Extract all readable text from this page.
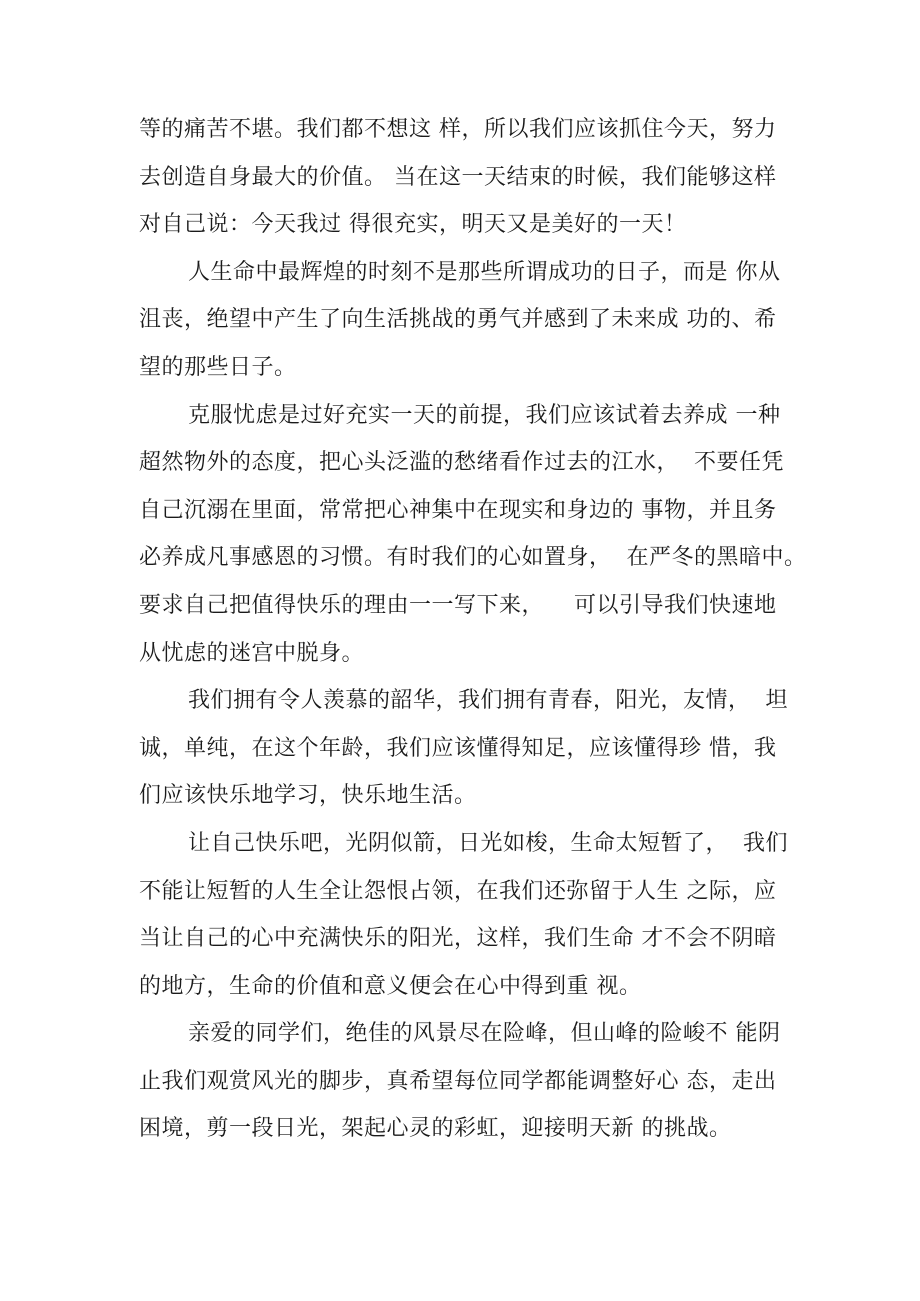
等的痛苦不堪。我们都不想这 样，所以我们应该抓住今天，努力
去创造自身最大的价值。 当在这一天结束的时候，我们能够这样
对自己说：今天我过 得很充实，明天又是美好的一天！

人生命中最辉煌的时刻不是那些所谓成功的日子，而是 你从
沮丧，绝望中产生了向生活挑战的勇气并感到了未来成 功的、希
望的那些日子。

克服忧虑是过好充实一天的前提，我们应该试着去养成 一种
超然物外的态度，把心头泛滥的愁绪看作过去的江水，  不要任凭
自己沉溺在里面，常常把心神集中在现实和身边的 事物，并且务
必养成凡事感恩的习惯。有时我们的心如置身，  在严冬的黑暗中。
要求自己把值得快乐的理由一一写下来，    可以引导我们快速地
从忧虑的迷宫中脱身。

我们拥有令人羡慕的韶华，我们拥有青春，阳光，友情，  坦
诚，单纯，在这个年龄，我们应该懂得知足，应该懂得珍 惜，我
们应该快乐地学习，快乐地生活。

让自己快乐吧，光阴似箭，日光如梭，生命太短暂了，  我们
不能让短暂的人生全让怨恨占领，在我们还弥留于人生 之际，应
当让自己的心中充满快乐的阳光，这样，我们生命 才不会不阴暗
的地方，生命的价值和意义便会在心中得到重 视。

亲爱的同学们，绝佳的风景尽在险峰，但山峰的险峻不 能阴
止我们观赏风光的脚步，真希望每位同学都能调整好心 态，走出
困境，剪一段日光，架起心灵的彩虹，迎接明天新 的挑战。
